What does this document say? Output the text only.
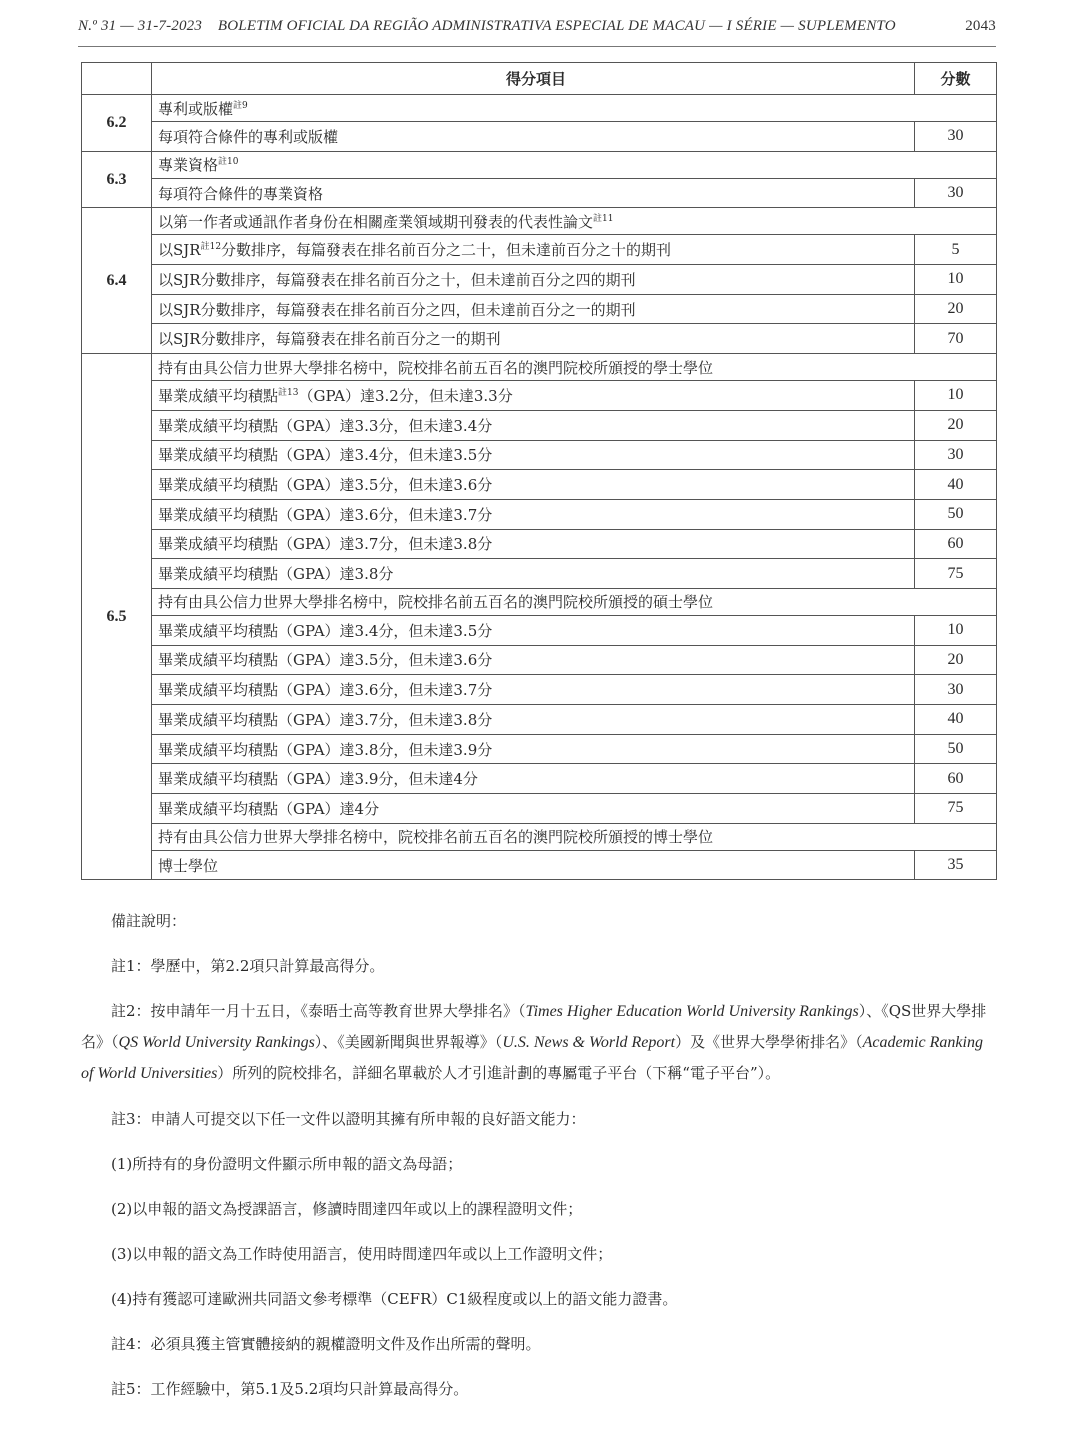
N.º 31 — 31-7-2023 BOLETIM OFICIAL DA REGIÃO ADMINISTRATIVA ESPECIAL DE MACAU — I SÉRIE — SUPLEMENTO	2043
	得分項目	分數
6.2	專利或版權$^{註9}$
	每項符合條件的專利或版權	30
6.3	專業資格$^{註10}$
	每項符合條件的專業資格	30
6.4	以第一作者或通訊作者身份在相關產業領域期刊發表的代表性論文$^{註11}$
	以SJR$^{註12}$分數排序，每篇發表在排名前百分之二十，但未達前百分之十的期刊	5
	以SJR分數排序，每篇發表在排名前百分之十，但未達前百分之四的期刊	10
	以SJR分數排序，每篇發表在排名前百分之四，但未達前百分之一的期刊	20
	以SJR分數排序，每篇發表在排名前百分之一的期刊	70
6.5	持有由具公信力世界大學排名榜中，院校排名前五百名的澳門院校所頒授的學士學位	
	畢業成績平均積點$^{註13}$（GPA）達3.2分，但未達3.3分	10
	畢業成績平均積點（GPA）達3.3分，但未達3.4分	20
	畢業成績平均積點（GPA）達3.4分，但未達3.5分	30
	畢業成績平均積點（GPA）達3.5分，但未達3.6分	40
	畢業成績平均積點（GPA）達3.6分，但未達3.7分	50
	畢業成績平均積點（GPA）達3.7分，但未達3.8分	60
	畢業成績平均積點（GPA）達3.8分	75
	持有由具公信力世界大學排名榜中，院校排名前五百名的澳門院校所頒授的碩士學位	
	畢業成績平均積點（GPA）達3.4分，但未達3.5分	10
	畢業成績平均積點（GPA）達3.5分，但未達3.6分	20
	畢業成績平均積點（GPA）達3.6分，但未達3.7分	30
	畢業成績平均積點（GPA）達3.7分，但未達3.8分	40
	畢業成績平均積點（GPA）達3.8分，但未達3.9分	50
	畢業成績平均積點（GPA）達3.9分，但未達4分	60
	畢業成績平均積點（GPA）達4分	75
	持有由具公信力世界大學排名榜中，院校排名前五百名的澳門院校所頒授的博士學位	
	博士學位	35

備註說明：

註1：學歷中，第2.2項只計算最高得分。

註2：按申請年一月十五日，《泰晤士高等教育世界大學排名》（Times Higher Education World University Rankings）、《QS世界大學排名》（QS World University Rankings）、《美國新聞與世界報導》（U.S. News & World Report）及《世界大學學術排名》（Academic Ranking of World Universities）所列的院校排名，詳細名單載於人才引進計劃的專屬電子平台（下稱“電子平台”）。

註3：申請人可提交以下任一文件以證明其擁有所申報的良好語文能力：

(1)所持有的身份證明文件顯示所申報的語文為母語；

(2)以申報的語文為授課語言，修讀時間達四年或以上的課程證明文件；

(3)以申報的語文為工作時使用語言，使用時間達四年或以上工作證明文件；

(4)持有獲認可達歐洲共同語文參考標準（CEFR）C1級程度或以上的語文能力證書。

註4：必須具獲主管實體接納的親權證明文件及作出所需的聲明。

註5：工作經驗中，第5.1及5.2項均只計算最高得分。
